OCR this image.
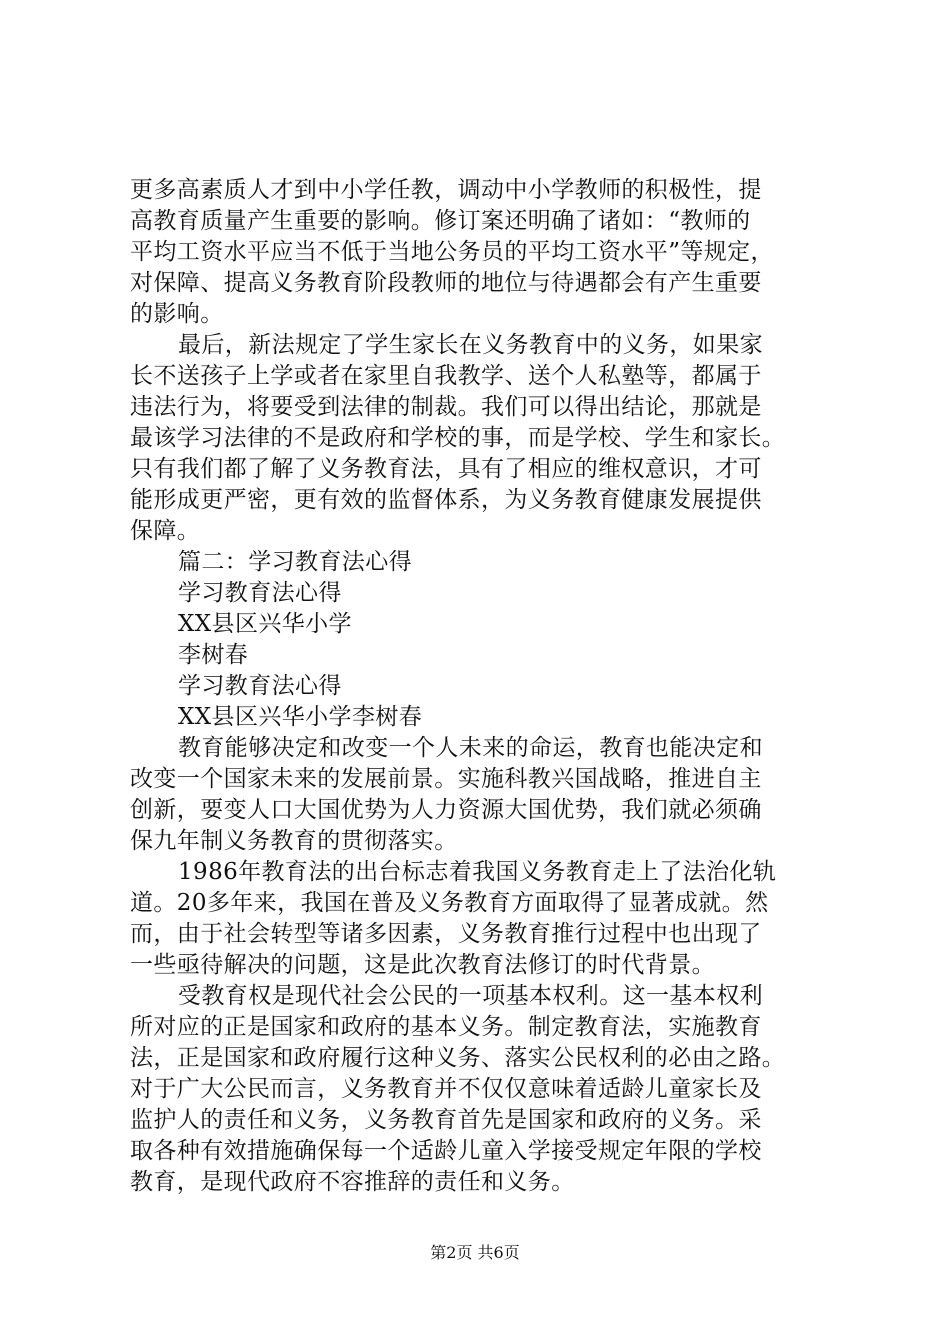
更多高素质人才到中小学任教，调动中小学教师的积极性，提
高教育质量产生重要的影响。修订案还明确了诸如：“教师的
平均工资水平应当不低于当地公务员的平均工资水平”等规定，
对保障、提高义务教育阶段教师的地位与待遇都会有产生重要
的影响。
最后，新法规定了学生家长在义务教育中的义务，如果家
长不送孩子上学或者在家里自我教学、送个人私塾等，都属于
违法行为，将要受到法律的制裁。我们可以得出结论，那就是
最该学习法律的不是政府和学校的事，而是学校、学生和家长。
只有我们都了解了义务教育法，具有了相应的维权意识，才可
能形成更严密，更有效的监督体系，为义务教育健康发展提供
保障。
篇二：学习教育法心得
学习教育法心得
XX县区兴华小学
李树春
学习教育法心得
XX县区兴华小学李树春
教育能够决定和改变一个人未来的命运，教育也能决定和
改变一个国家未来的发展前景。实施科教兴国战略，推进自主
创新，要变人口大国优势为人力资源大国优势，我们就必须确
保九年制义务教育的贯彻落实。
1986年教育法的出台标志着我国义务教育走上了法治化轨
道。20多年来，我国在普及义务教育方面取得了显著成就。然
而，由于社会转型等诸多因素，义务教育推行过程中也出现了
一些亟待解决的问题，这是此次教育法修订的时代背景。
受教育权是现代社会公民的一项基本权利。这一基本权利
所对应的正是国家和政府的基本义务。制定教育法，实施教育
法，正是国家和政府履行这种义务、落实公民权利的必由之路。
对于广大公民而言，义务教育并不仅仅意味着适龄儿童家长及
监护人的责任和义务，义务教育首先是国家和政府的义务。采
取各种有效措施确保每一个适龄儿童入学接受规定年限的学校
教育，是现代政府不容推辞的责任和义务。
第2页 共6页
